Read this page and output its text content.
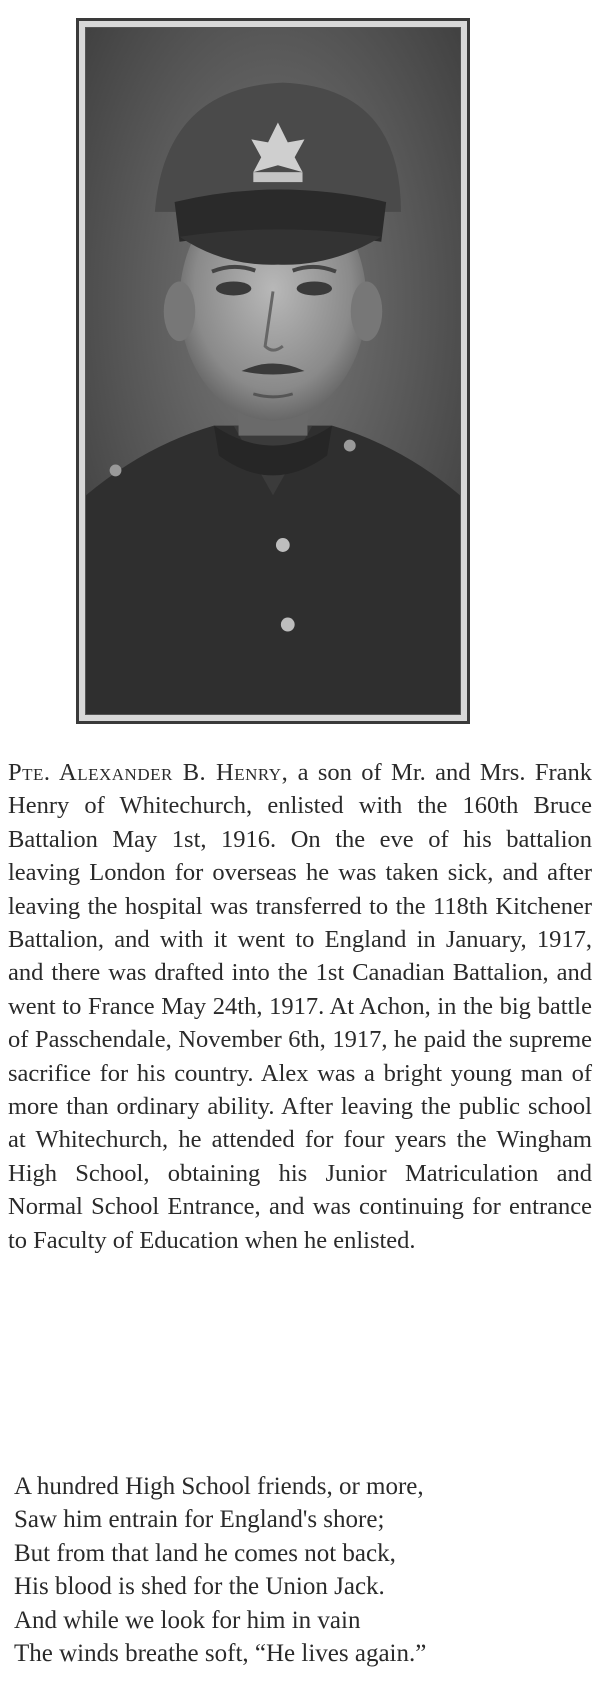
Pte. Alexander B. Henry, a son of Mr. and Mrs. Frank Henry of Whitechurch, enlisted with the 160th Bruce Battalion May 1st, 1916. On the eve of his battalion leaving London for overseas he was taken sick, and after leaving the hospital was transferred to the 118th Kitchener Battalion, and with it went to England in January, 1917, and there was drafted into the 1st Canadian Battalion, and went to France May 24th, 1917. At Achon, in the big battle of Passchendale, November 6th, 1917, he paid the supreme sacrifice for his country. Alex was a bright young man of more than ordinary ability. After leaving the public school at Whitechurch, he attended for four years the Wingham High School, obtaining his Junior Matriculation and Normal School Entrance, and was continuing for entrance to Faculty of Education when he enlisted.
A hundred High School friends, or more,
Saw him entrain for England's shore;
But from that land he comes not back,
His blood is shed for the Union Jack.
And while we look for him in vain
The winds breathe soft, “He lives again.”
